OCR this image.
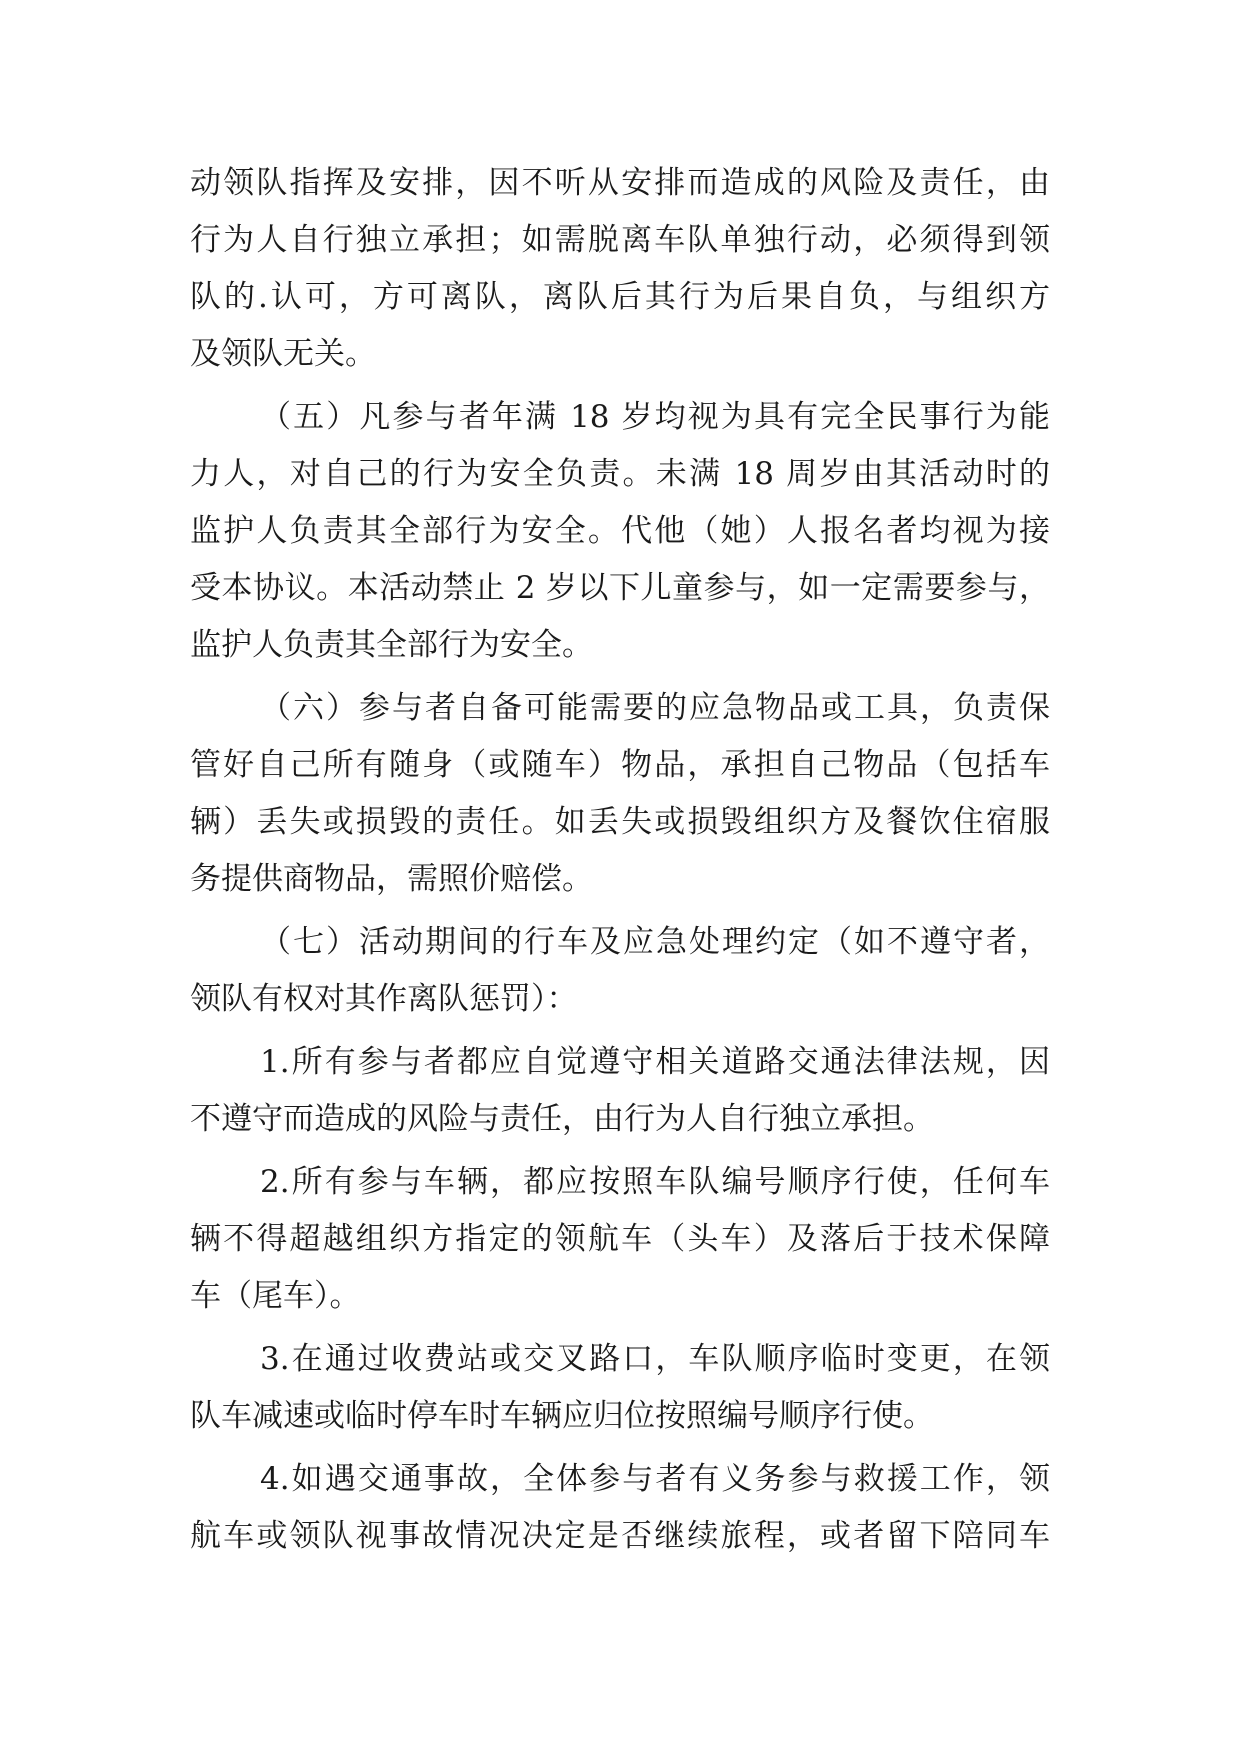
动领队指挥及安排，因不听从安排而造成的风险及责任，由
行为人自行独立承担；如需脱离车队单独行动，必须得到领
队的.认可，方可离队，离队后其行为后果自负，与组织方
及领队无关。
（五）凡参与者年满 18 岁均视为具有完全民事行为能
力人，对自己的行为安全负责。未满 18 周岁由其活动时的
监护人负责其全部行为安全。代他（她）人报名者均视为接
受本协议。本活动禁止 2 岁以下儿童参与，如一定需要参与，
监护人负责其全部行为安全。
（六）参与者自备可能需要的应急物品或工具，负责保
管好自己所有随身（或随车）物品，承担自己物品（包括车
辆）丢失或损毁的责任。如丢失或损毁组织方及餐饮住宿服
务提供商物品，需照价赔偿。
（七）活动期间的行车及应急处理约定（如不遵守者，
领队有权对其作离队惩罚）：
1.所有参与者都应自觉遵守相关道路交通法律法规，因
不遵守而造成的风险与责任，由行为人自行独立承担。
2.所有参与车辆，都应按照车队编号顺序行使，任何车
辆不得超越组织方指定的领航车（头车）及落后于技术保障
车（尾车）。
3.在通过收费站或交叉路口，车队顺序临时变更，在领
队车减速或临时停车时车辆应归位按照编号顺序行使。
4.如遇交通事故，全体参与者有义务参与救援工作，领
航车或领队视事故情况决定是否继续旅程，或者留下陪同车
